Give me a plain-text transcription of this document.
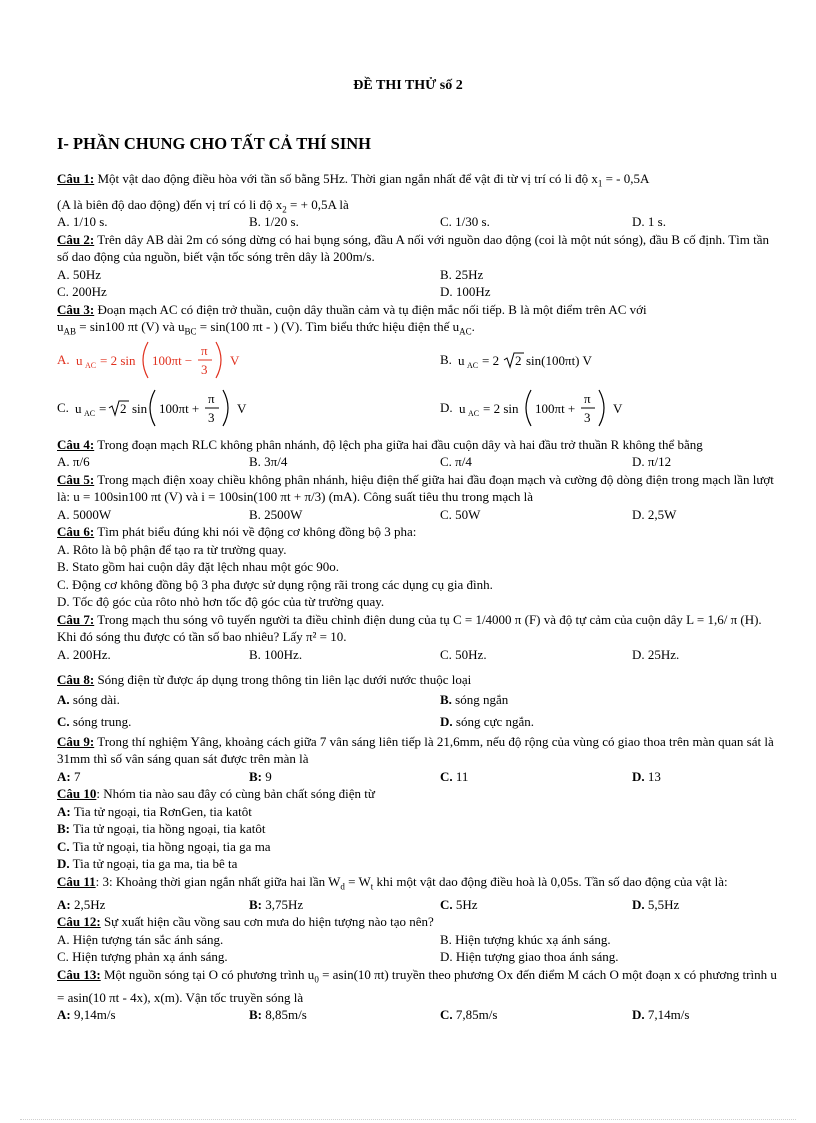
ĐỀ THI THỬ số 2
I- PHẦN CHUNG CHO TẤT CẢ THÍ SINH
Câu 1: Một vật dao động điều hòa với tần số bằng 5Hz. Thời gian ngắn nhất để vật đi từ vị trí có li độ $x_1$ = - 0,5A
(A là biên độ dao động) đến vị trí có li độ $x_2$ = + 0,5A là
A. 1/10 s.	B. 1/20 s.	C. 1/30 s.	D. 1 s.
Câu 2: Trên dây AB dài 2m có sóng dừng có hai bụng sóng, đầu A nối với nguồn dao động (coi là một nút sóng), đầu B cố định. Tìm tần số dao động của nguồn, biết vận tốc sóng trên dây là 200m/s.
A. 50Hz	B. 25Hz
C. 200Hz	D. 100Hz
Câu 3: Đoạn mạch AC có điện trở thuần, cuộn dây thuần cảm và tụ điện mắc nối tiếp. B là một điểm trên AC với
$u_{AB} = \sin 100$ πt (V) và $u_{BC} = \sin(100$ πt - ) (V). Tìm biểu thức hiệu điện thế $u_{AC}$.
A. u AC = 2 sin 100πt −
π
3
V	B. u AC = 2 2 sin(100πt) V
C. u AC = 2 sin 100πt +
π
3
V	D. u AC = 2 sin 100πt +
π
3
V
Câu 4: Trong đoạn mạch RLC không phân nhánh, độ lệch pha giữa hai đầu cuộn dây và hai đầu trở thuần R không thể bằng
A. π/6	B. 3π/4	C. π/4	D. π/12
Câu 5: Trong mạch điện xoay chiều không phân nhánh, hiệu điện thế giữa hai đầu đoạn mạch và cường độ dòng điện trong mạch lần lượt là: u = 100sin100 πt (V) và i = 100sin(100 πt + π/3) (mA). Công suất tiêu thu trong mạch là
A. 5000W	B. 2500W	C. 50W	D. 2,5W
Câu 6: Tìm phát biểu đúng khi nói về động cơ không đồng bộ 3 pha:
A. Rôto là bộ phận để tạo ra từ trường quay.
B. Stato gồm hai cuộn dây đặt lệch nhau một góc 90o.
C. Động cơ không đồng bộ 3 pha được sử dụng rộng rãi trong các dụng cụ gia đình.
D. Tốc độ góc của rôto nhỏ hơn tốc độ góc của từ trường quay.
Câu 7: Trong mạch thu sóng vô tuyến người ta điều chỉnh điện dung của tụ C = 1/4000 π (F) và độ tự cảm của cuộn dây L = 1,6/ π (H). Khi đó sóng thu được có tần số bao nhiêu? Lấy π² = 10.
A. 200Hz.	B. 100Hz.	C. 50Hz.	D. 25Hz.
Câu 8: Sóng điện từ được áp dụng trong thông tin liên lạc dưới nước thuộc loại
A. sóng dài.	B. sóng ngắn
C. sóng trung.	D. sóng cực ngắn.
Câu 9: Trong thí nghiệm Yâng, khoảng cách giữa 7 vân sáng liên tiếp là 21,6mm, nếu độ rộng của vùng có giao thoa trên màn quan sát là 31mm thì số vân sáng quan sát được trên màn là
A: 7	B: 9	C. 11	D. 13
Câu 10: Nhóm tia nào sau đây có cùng bản chất sóng điện từ
A: Tia tử ngoại, tia RơnGen, tia katôt
B: Tia tử ngoại, tia hồng ngoại, tia katôt
C. Tia tử ngoại, tia hồng ngoại, tia ga ma
D. Tia tử ngoại, tia ga ma, tia bê ta
Câu 11: 3: Khoảng thời gian ngắn nhất giữa hai lần $W_d = W_t$ khi một vật dao động điều hoà là 0,05s. Tần số dao động của vật là:
A: 2,5Hz	B: 3,75Hz	C. 5Hz	D. 5,5Hz
Câu 12: Sự xuất hiện cầu vồng sau cơn mưa do hiện tượng nào tạo nên?
A. Hiện tượng tán sắc ánh sáng.	B. Hiện tượng khúc xạ ánh sáng.
C. Hiện tượng phản xạ ánh sáng.	D. Hiện tượng giao thoa ánh sáng.
Câu 13: Một nguồn sóng tại O có phương trình $u_0 = asin(10$ πt) truyền theo phương Ox đến điểm M cách O một đoạn x có phương trình u = asin(10 πt - 4x), x(m). Vận tốc truyền sóng là
A: 9,14m/s	B: 8,85m/s	C. 7,85m/s	D. 7,14m/s
